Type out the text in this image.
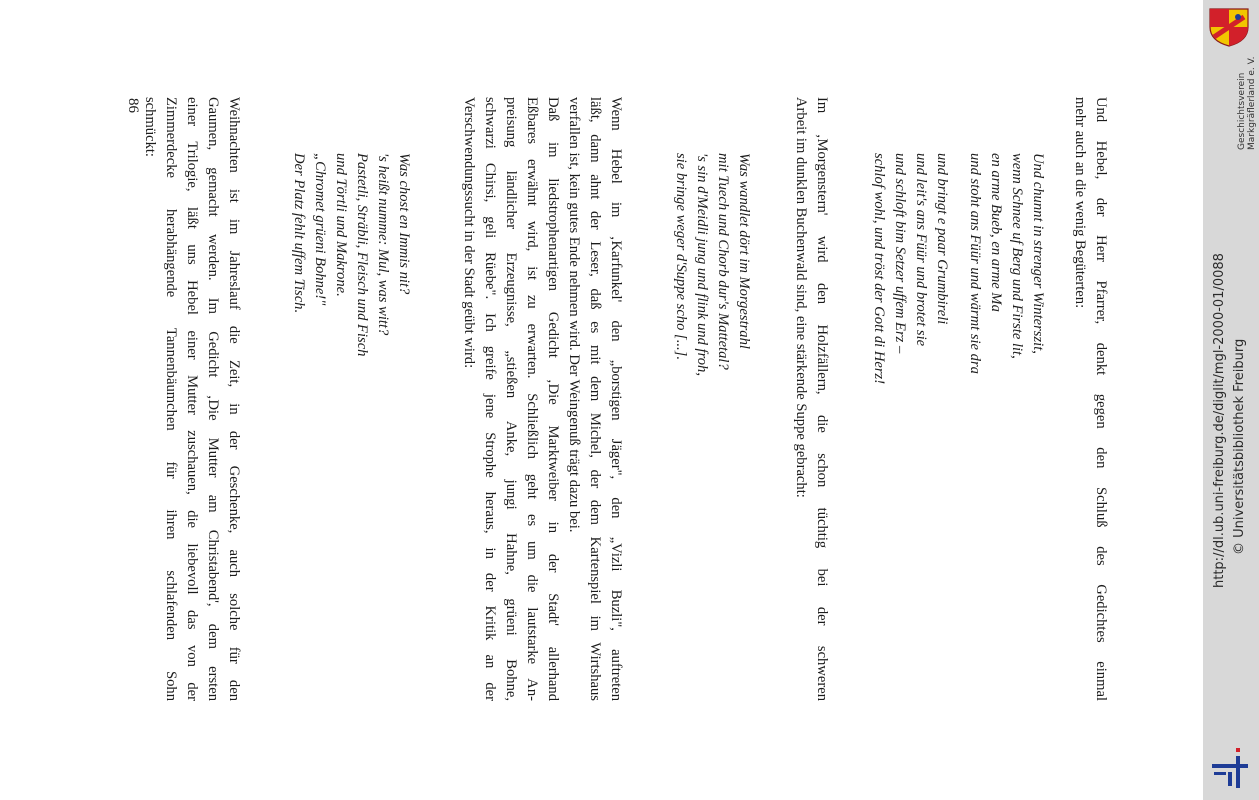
Und Hebel, der Herr Pfarrer, denkt gegen den Schluß des Gedichtes einmal
mehr auch an die wenig Begüterten:
Und chunnt in strenger Winterszit,
wenn Schnee uf Berg und Firste lit,
en arme Bueb, en arme Ma
und stoht ans Füür und wärmt sie dra
und bringt e paar Grumbireli
und leit's ans Füür und brotet sie
und schloft bim Setzer uffem Erz –
schlof wohl, und tröst der Gott di Herz!
Im ‚Morgenstern' wird den Holzfällern, die schon tüchtig bei der schweren
Arbeit im dunklen Buchenwald sind, eine stärkende Suppe gebracht:
Was wandlet dört im Morgestrahl
mit Tuech und Chorb dur's Mattetal?
's sin d'Meidli jung und flink und froh,
sie bringe weger d'Suppe scho [...].
Wenn Hebel im ‚Karfunkel' den „borstigen Jäger", den „Vizli Buzli", auftreten
läßt, dann ahnt der Leser, daß es mit dem Michel, der dem Kartenspiel im Wirtshaus
verfallen ist, kein gutes Ende nehmen wird. Der Weingenuß trägt dazu bei.
Daß im liedstrophenartigen Gedicht ‚Die Marktweiber in der Stadt' allerhand
Eßbares erwähnt wird, ist zu erwarten. Schließlich geht es um die lautstarke An-
preisung ländlicher Erzeugnisse, „stießen Anke, jungi Hahne, grüeni Bohne,
schwarzi Chirsi, geli Rüebe". Ich greife jene Strophe heraus, in der Kritik an der
Verschwendungssucht in der Stadt geübt wird:
Was chost en Immis nit?
's heißt numme: Mul, was witt?
Pastetli, Sträbli, Fleisch und Fisch
und Törtli und Makrone.
„Chromet grüeni Bohne!"
Der Platz fehlt uffem Tisch.
Weihnachten ist im Jahreslauf die Zeit, in der Geschenke, auch solche für den
Gaumen, gemacht werden. Im Gedicht ‚Die Mutter am Christabend', dem ersten
einer Trilogie, läßt uns Hebel einer Mutter zuschauen, die liebevoll das von der
Zimmerdecke herabhängende Tannenbäumchen für ihren schlafenden Sohn
schmückt:
86	Geschichtsverein Markgräflerland e. V.
http://dl.ub.uni-freiburg.de/diglit/mgl-2000-01/0088 © Universitätsbibliothek Freiburg
